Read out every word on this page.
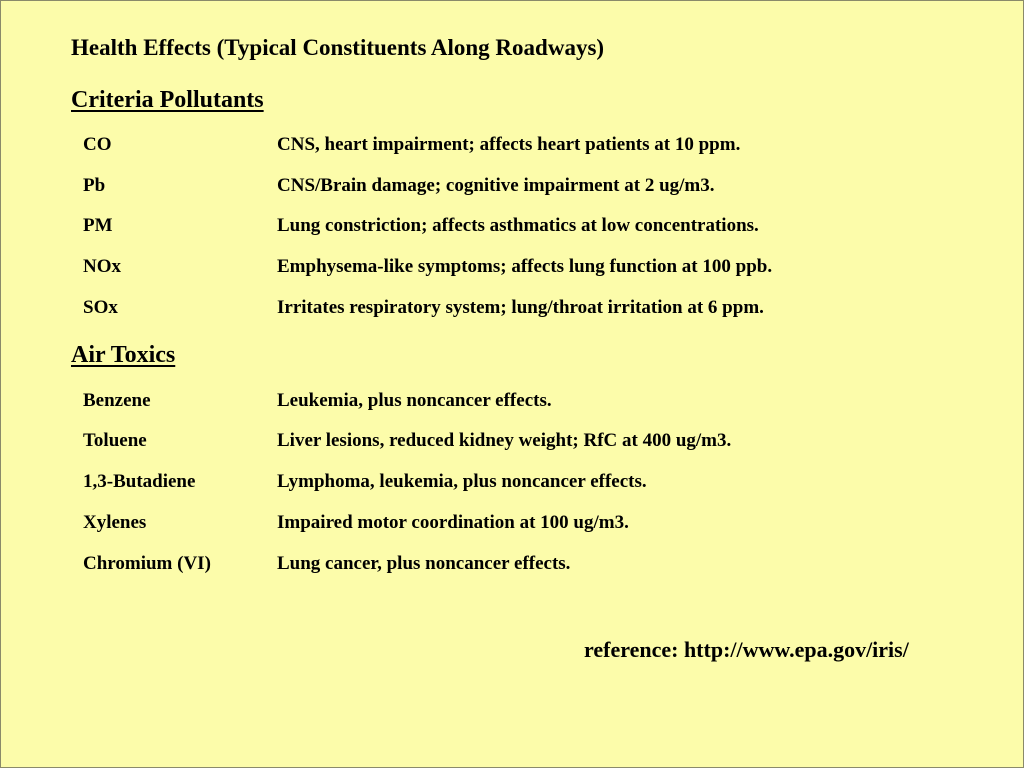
Health Effects (Typical Constituents Along Roadways)
Criteria Pollutants
CO	CNS, heart impairment; affects heart patients at 10 ppm.
Pb	CNS/Brain damage; cognitive impairment at 2 ug/m3.
PM	Lung constriction; affects asthmatics at low concentrations.
NOx	Emphysema-like symptoms; affects lung function at 100 ppb.
SOx	Irritates respiratory system; lung/throat irritation at 6 ppm.
Air Toxics
Benzene	Leukemia, plus noncancer effects.
Toluene	Liver lesions, reduced kidney weight; RfC at 400 ug/m3.
1,3-Butadiene	Lymphoma, leukemia, plus noncancer effects.
Xylenes	Impaired motor coordination at 100 ug/m3.
Chromium (VI)	Lung cancer, plus noncancer effects.
reference: http://www.epa.gov/iris/
